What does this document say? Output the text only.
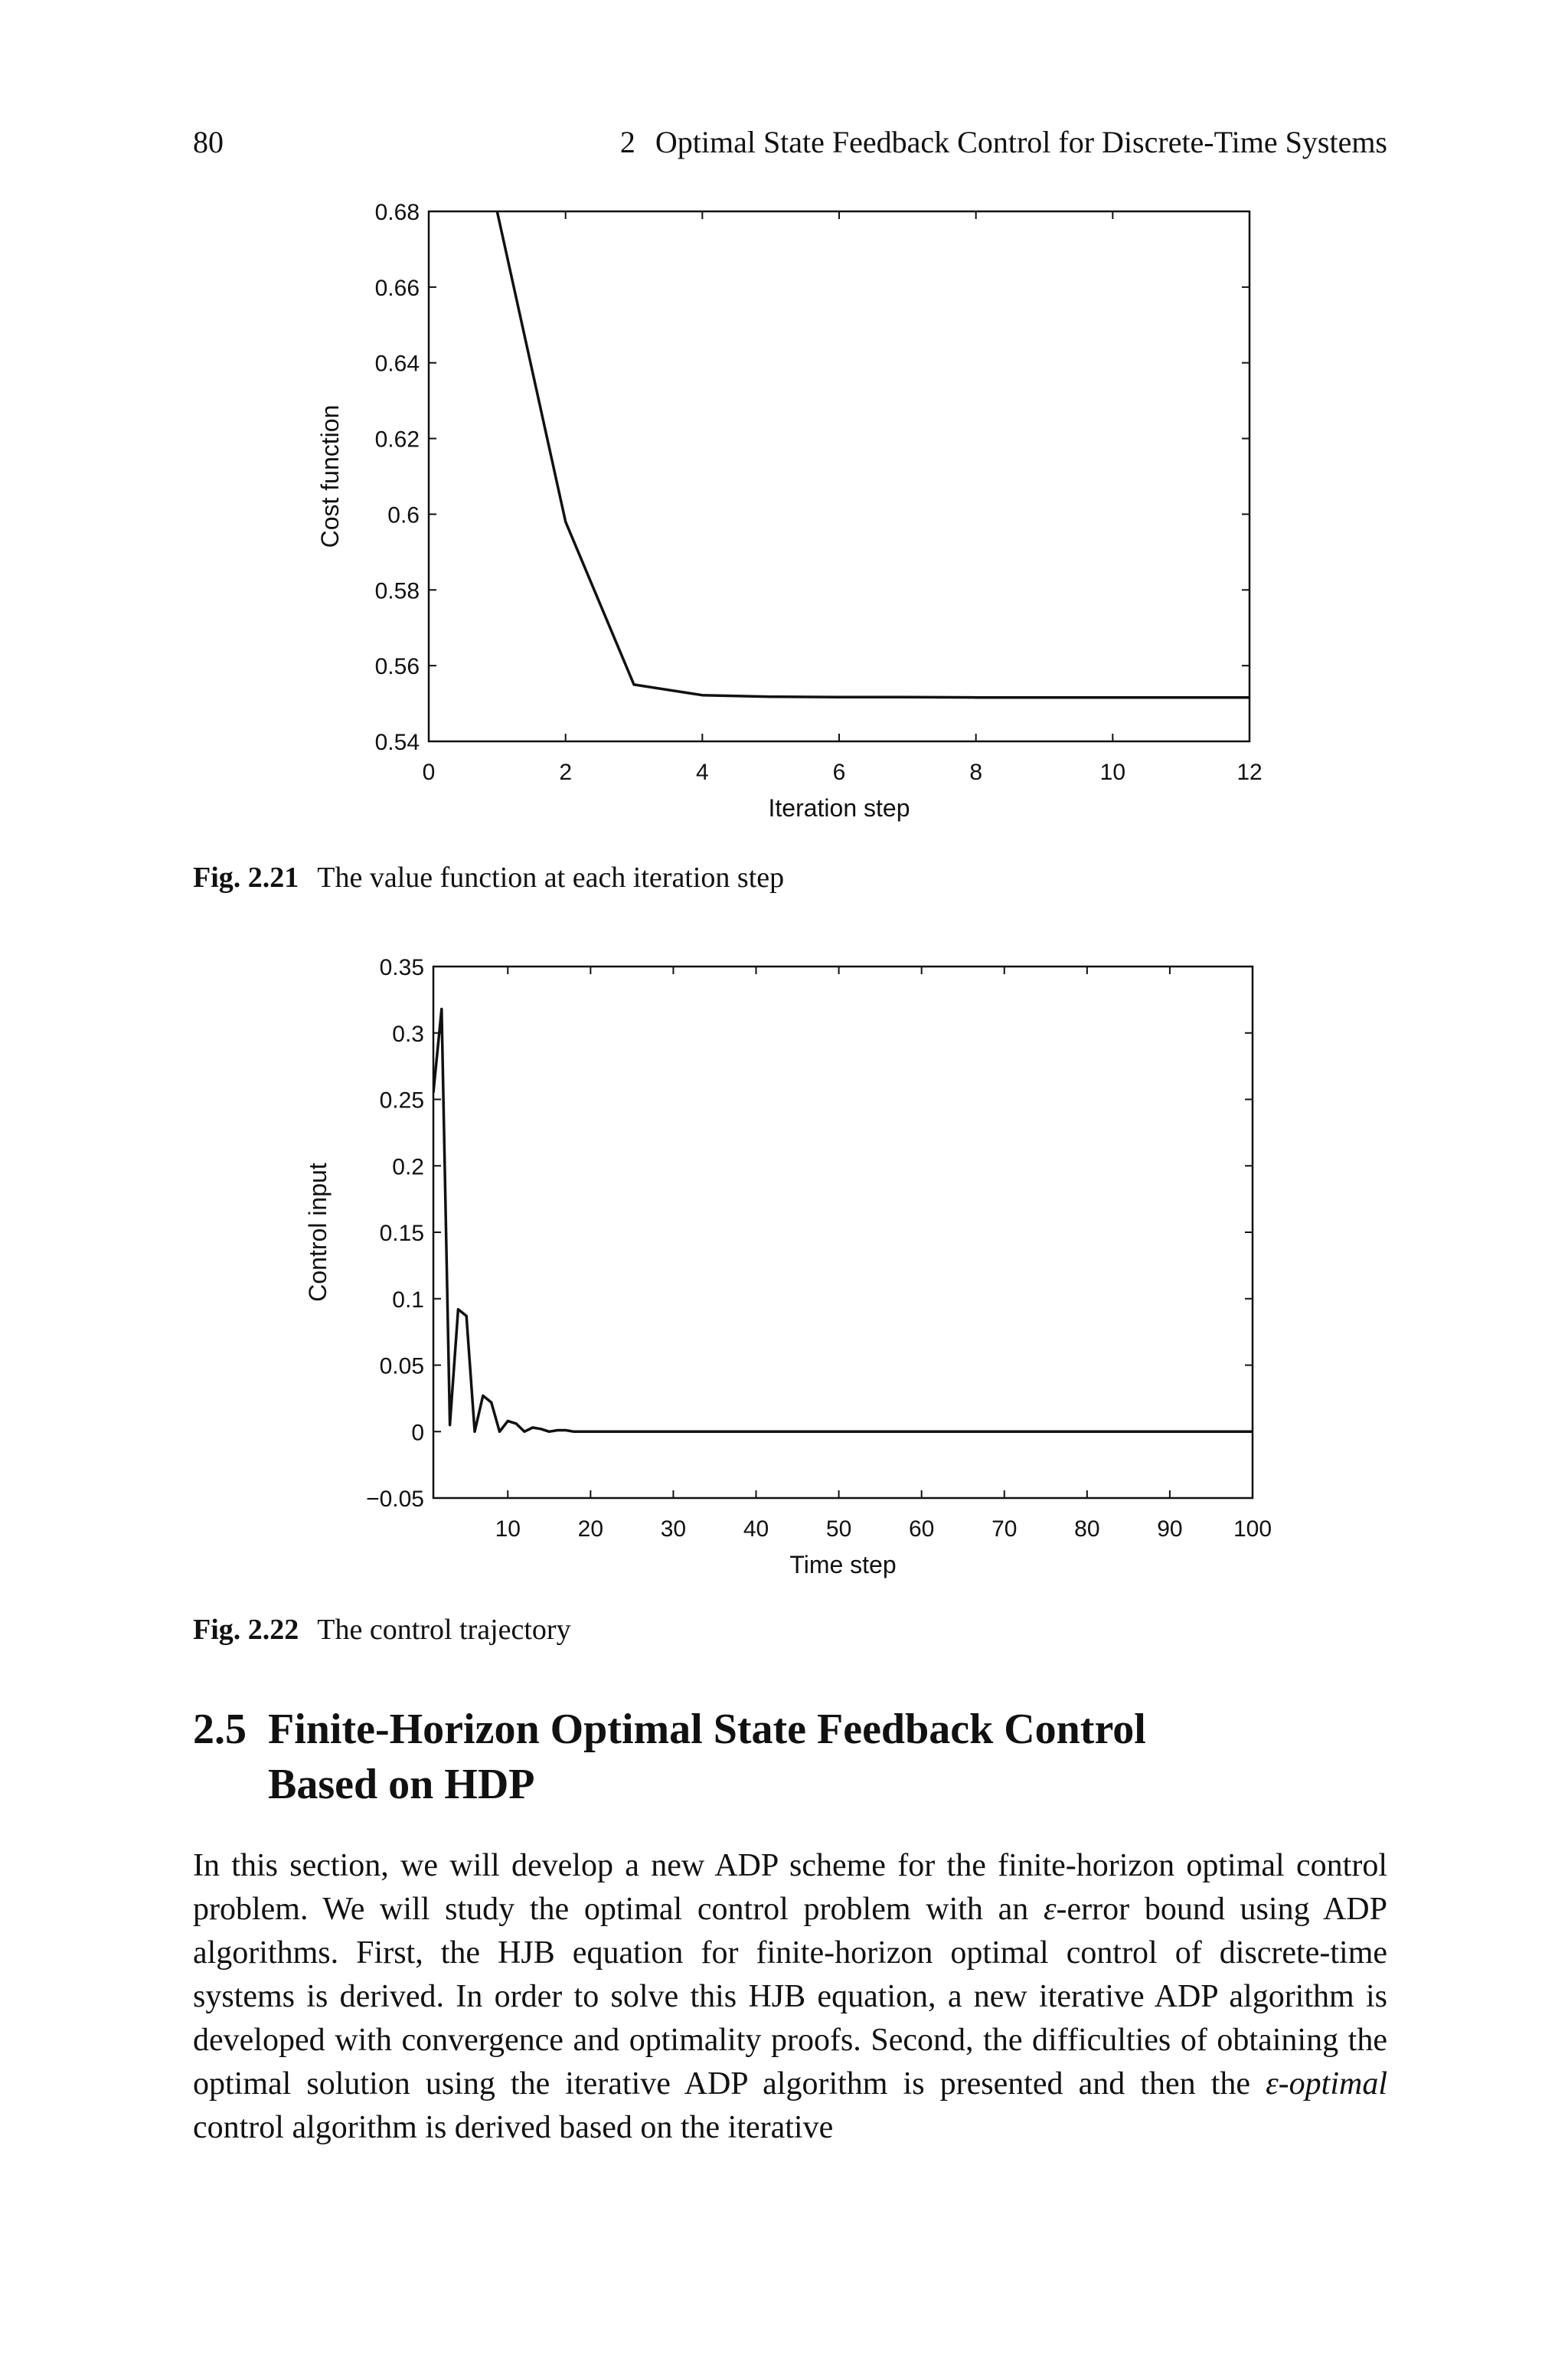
80	2 Optimal State Feedback Control for Discrete-Time Systems
0	2	4	6	8	10	12
0.54
0.56
0.58
0.6
0.62
0.64
0.66
0.68
Iteration step
Cost function
Fig. 2.21 The value function at each iteration step
10 20 30 40 50 60 70 80 90 100
−0.05
0
0.05
0.1
0.15
0.2
0.25
0.3
0.35
Time step
Control input
Fig. 2.22 The control trajectory
2.5 Finite-Horizon Optimal State Feedback Control Based on HDP
In this section, we will develop a new ADP scheme for the finite-horizon optimal control problem. We will study the optimal control problem with an ε-error bound using ADP algorithms. First, the HJB equation for finite-horizon optimal control of discrete-time systems is derived. In order to solve this HJB equation, a new iterative ADP algorithm is developed with convergence and optimality proofs. Second, the difficulties of obtaining the optimal solution using the iterative ADP algorithm is presented and then the ε-optimal control algorithm is derived based on the iterative
